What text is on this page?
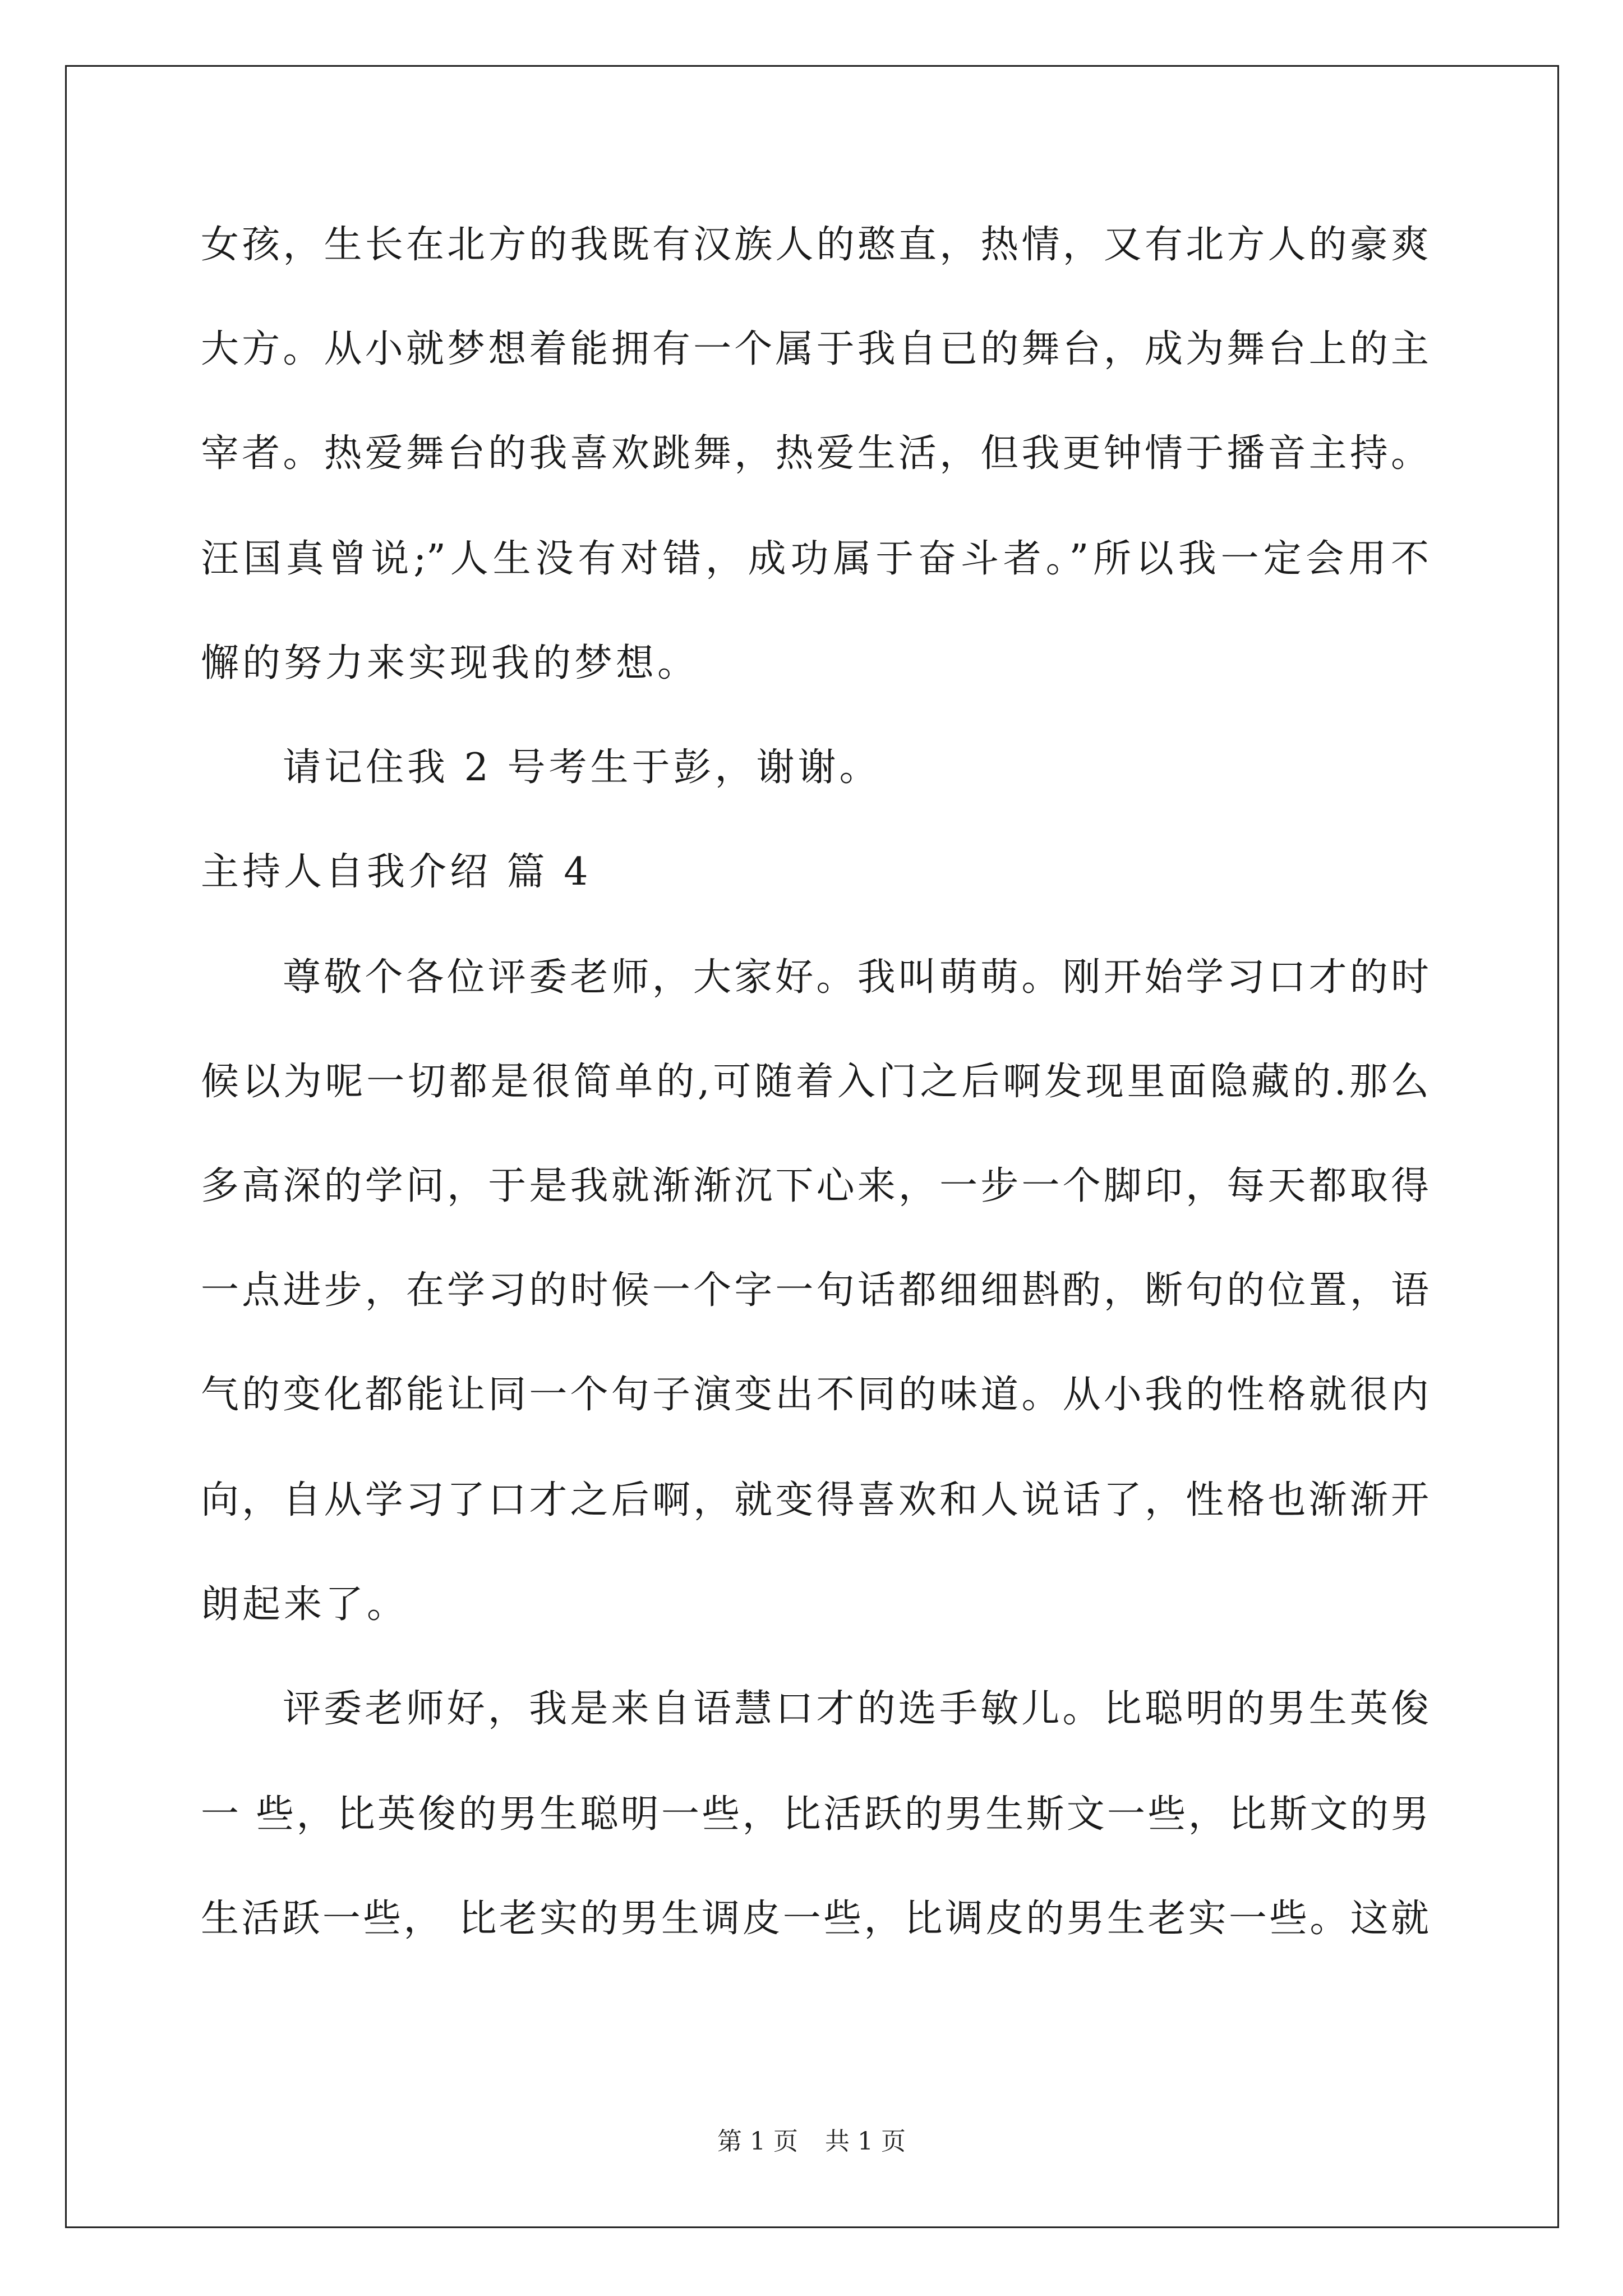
女孩，生长在北方的我既有汉族人的憨直，热情，又有北方人的豪爽
大方。从小就梦想着能拥有一个属于我自已的舞台，成为舞台上的主
宰者。热爱舞台的我喜欢跳舞，热爱生活，但我更钟情于播音主持。
汪国真曾说;”人生没有对错，成功属于奋斗者。”所以我一定会用不
懈的努力来实现我的梦想。
请记住我 2 号考生于彭，谢谢。
主持人自我介绍 篇 4
尊敬个各位评委老师，大家好。我叫萌萌。刚开始学习口才的时
候以为呢一切都是很简单的,可随着入门之后啊发现里面隐藏的.那么
多高深的学问，于是我就渐渐沉下心来，一步一个脚印，每天都取得
一点进步，在学习的时候一个字一句话都细细斟酌，断句的位置，语
气的变化都能让同一个句子演变出不同的味道。从小我的性格就很内
向，自从学习了口才之后啊，就变得喜欢和人说话了，性格也渐渐开
朗起来了。
评委老师好，我是来自语慧口才的选手敏儿。比聪明的男生英俊
一 些，比英俊的男生聪明一些，比活跃的男生斯文一些，比斯文的男
生活跃一些， 比老实的男生调皮一些，比调皮的男生老实一些。这就
第 1 页 共 1 页
